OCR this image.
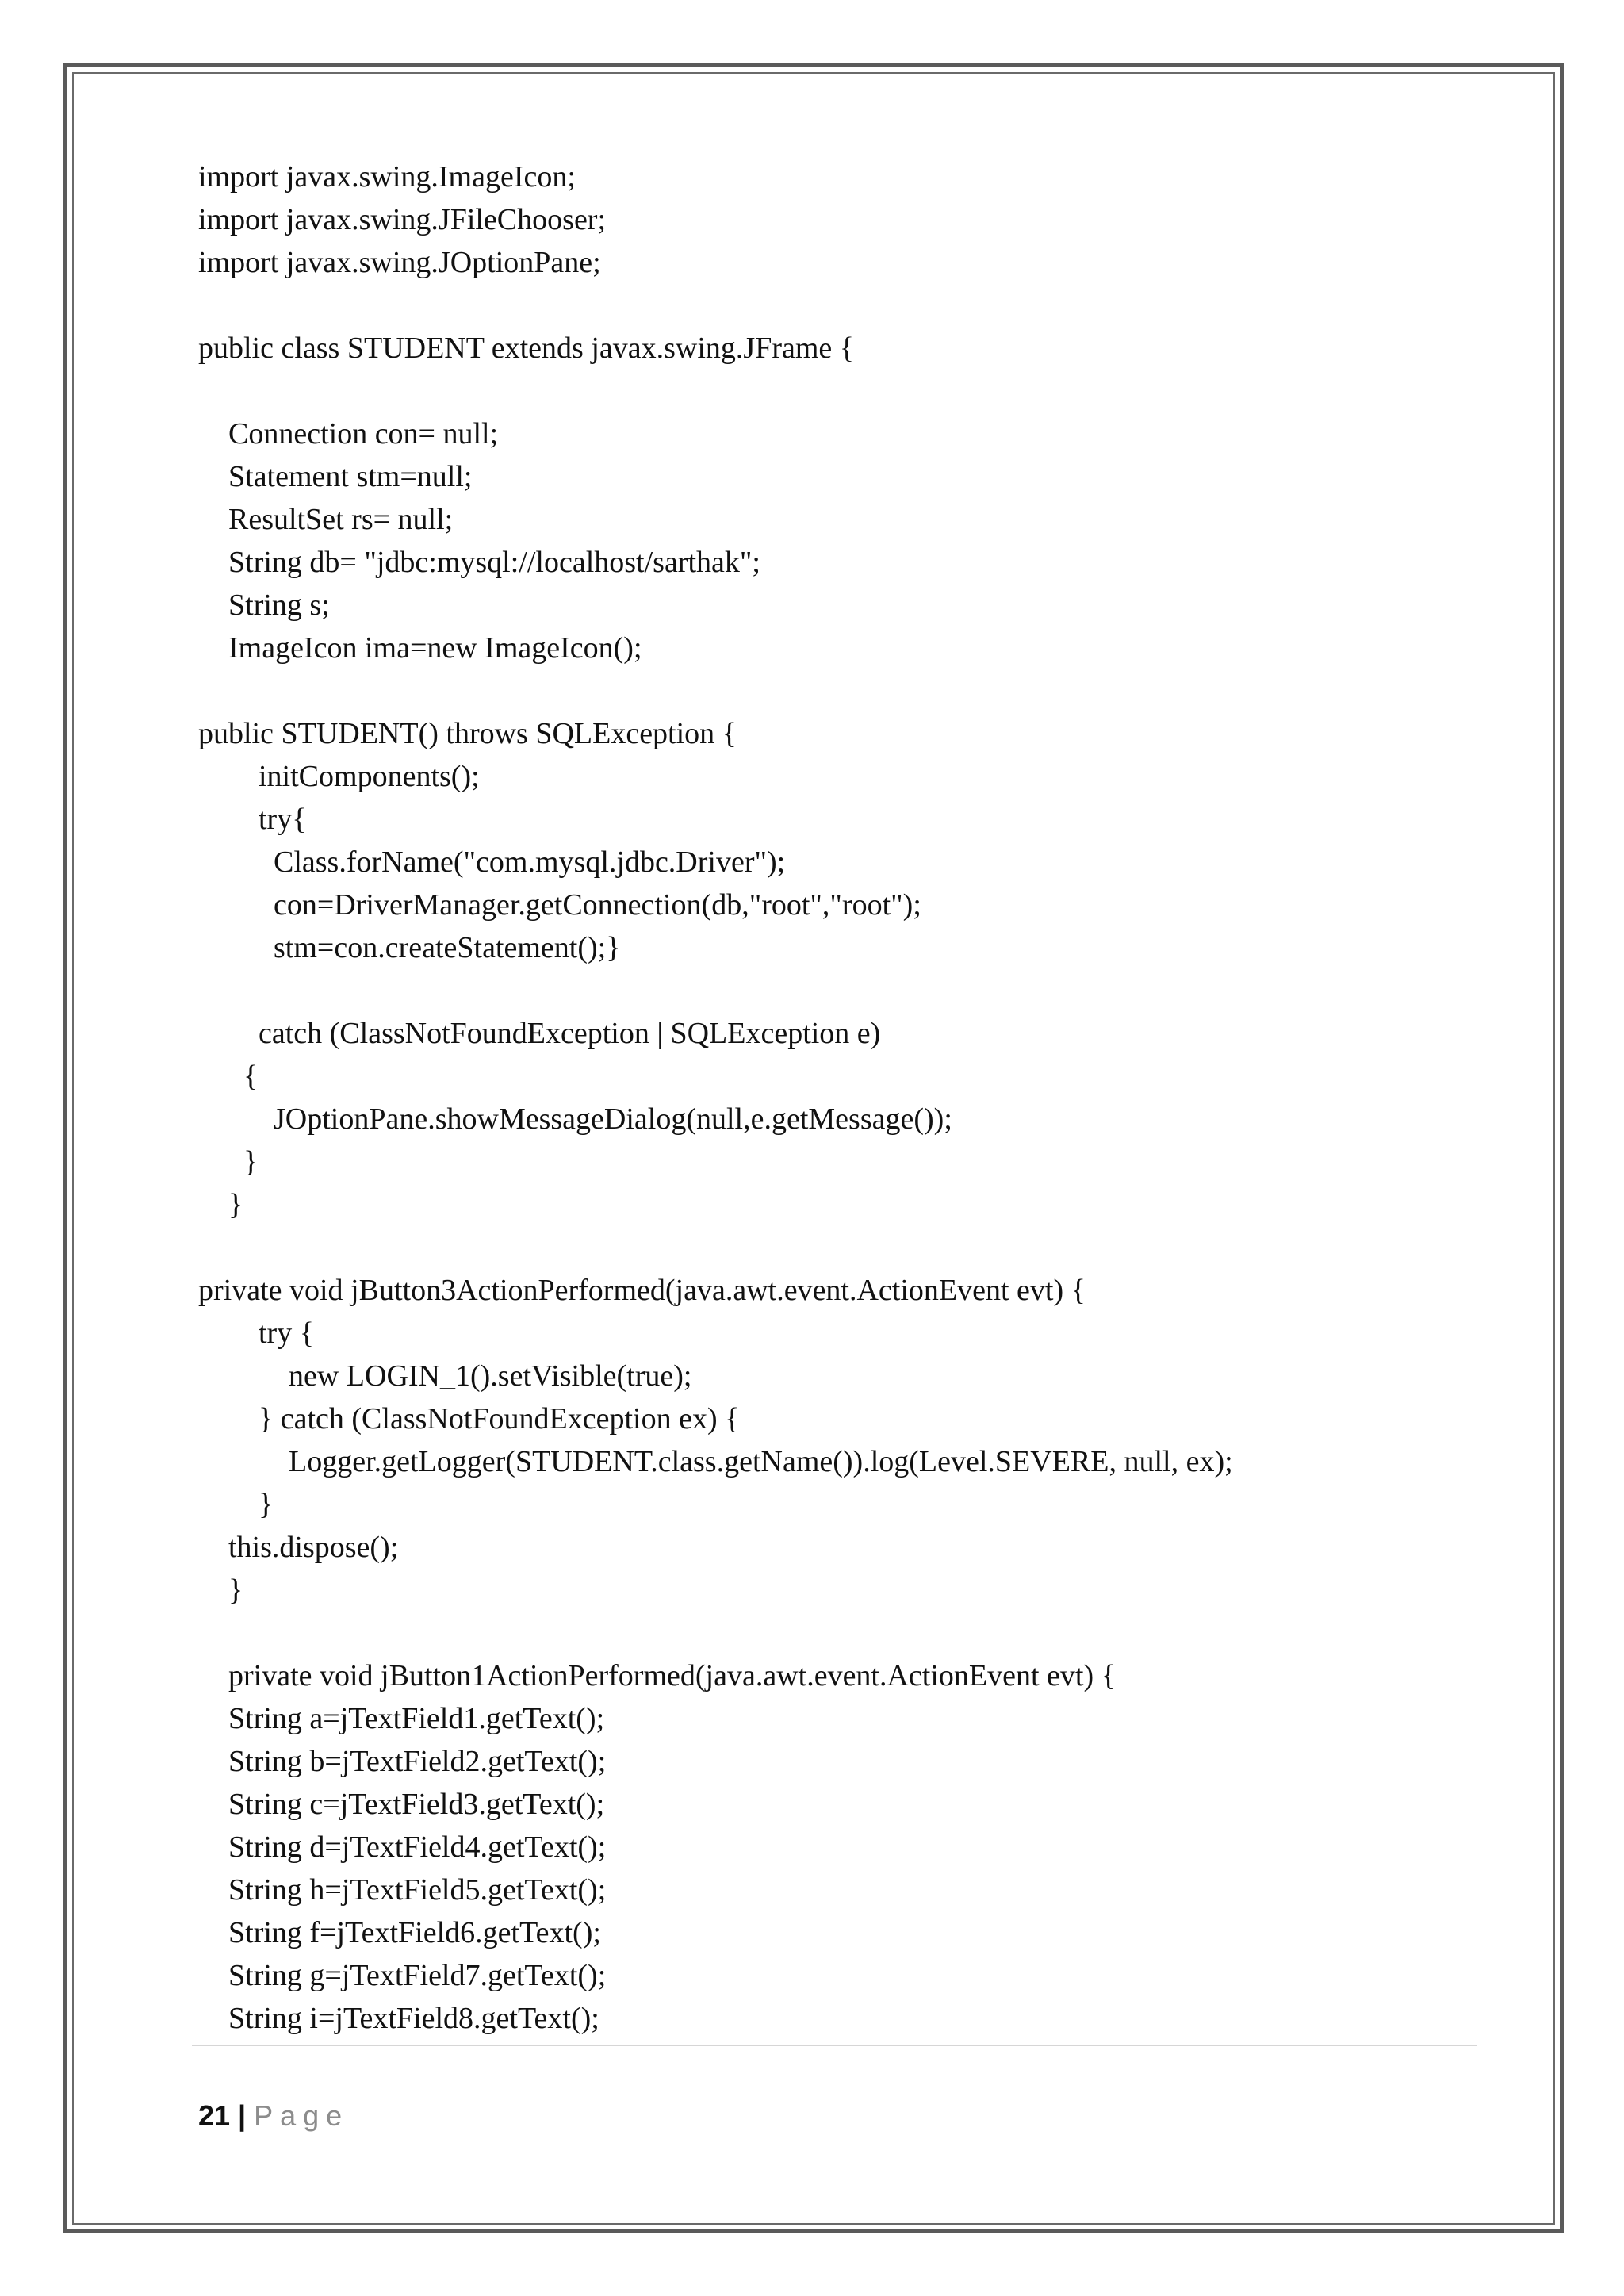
import javax.swing.ImageIcon;
import javax.swing.JFileChooser;
import javax.swing.JOptionPane;
public class STUDENT extends javax.swing.JFrame {
Connection con= null;
Statement stm=null;
ResultSet rs= null;
String db= "jdbc:mysql://localhost/sarthak";
String s;
ImageIcon ima=new ImageIcon();
public STUDENT() throws SQLException {
initComponents();
try{
Class.forName("com.mysql.jdbc.Driver");
con=DriverManager.getConnection(db,"root","root");
stm=con.createStatement();}
catch (ClassNotFoundException | SQLException e)
{
JOptionPane.showMessageDialog(null,e.getMessage());
}
}
private void jButton3ActionPerformed(java.awt.event.ActionEvent evt) {
try {
new LOGIN_1().setVisible(true);
} catch (ClassNotFoundException ex) {
Logger.getLogger(STUDENT.class.getName()).log(Level.SEVERE, null, ex);
}
this.dispose();
}
private void jButton1ActionPerformed(java.awt.event.ActionEvent evt) {
String a=jTextField1.getText();
String b=jTextField2.getText();
String c=jTextField3.getText();
String d=jTextField4.getText();
String h=jTextField5.getText();
String f=jTextField6.getText();
String g=jTextField7.getText();
String i=jTextField8.getText();
21 | Page
